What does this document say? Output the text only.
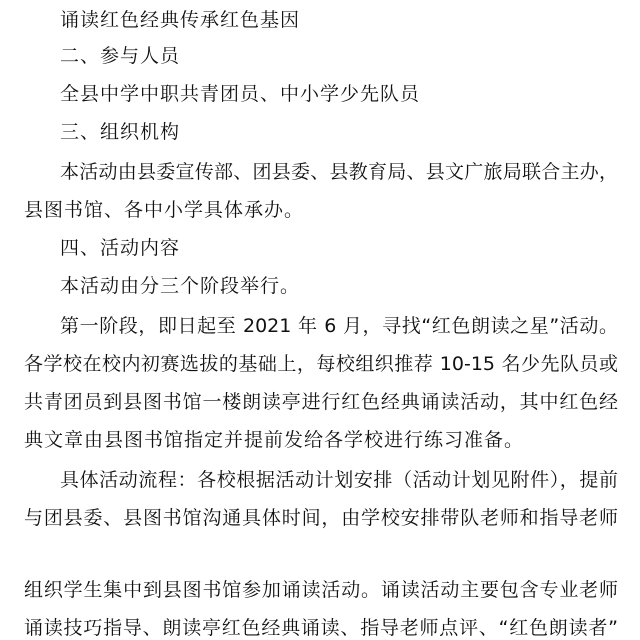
诵读红色经典传承红色基因
二、参与人员
全县中学中职共青团员、中小学少先队员
三、组织机构
本活动由县委宣传部、团县委、县教育局、县文广旅局联合主办，
县图书馆、各中小学具体承办。
四、活动内容
本活动由分三个阶段举行。
第一阶段，即日起至 2021 年 6 月，寻找“红色朗读之星”活动。
各学校在校内初赛选拔的基础上，每校组织推荐 10-15 名少先队员或
共青团员到县图书馆一楼朗读亭进行红色经典诵读活动，其中红色经
典文章由县图书馆指定并提前发给各学校进行练习准备。
具体活动流程：各校根据活动计划安排（活动计划见附件），提前
与团县委、县图书馆沟通具体时间，由学校安排带队老师和指导老师
组织学生集中到县图书馆参加诵读活动。诵读活动主要包含专业老师
诵读技巧指导、朗读亭红色经典诵读、指导老师点评、“红色朗读者”
